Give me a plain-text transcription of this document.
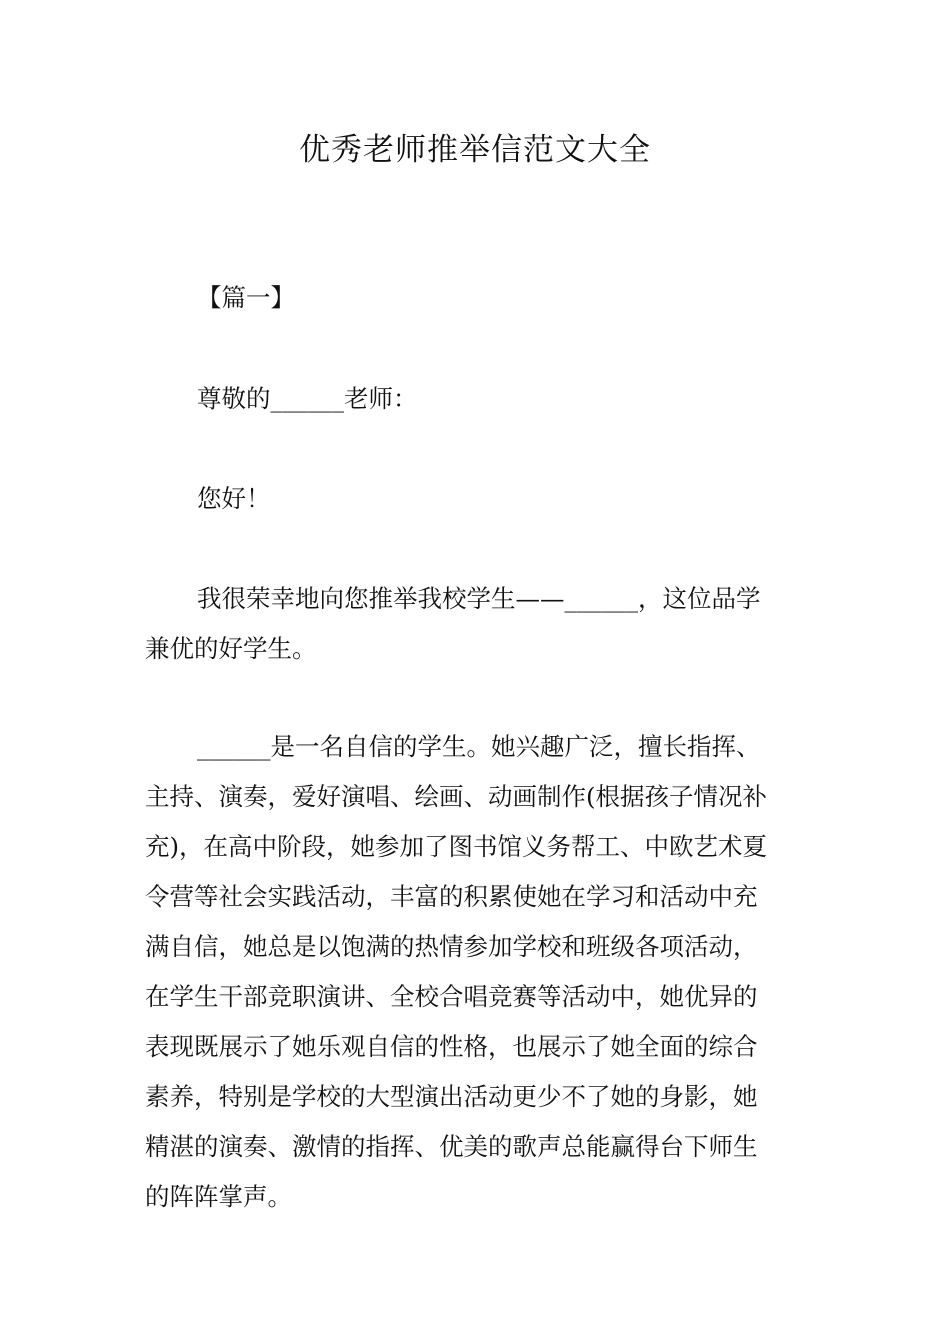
优秀老师推举信范文大全

【篇一】

尊敬的______老师：

您好！

我很荣幸地向您推举我校学生——______，这位品学
兼优的好学生。
______是一名自信的学生。她兴趣广泛，擅长指挥、
主持、演奏，爱好演唱、绘画、动画制作(根据孩子情况补
充)，在高中阶段，她参加了图书馆义务帮工、中欧艺术夏
令营等社会实践活动，丰富的积累使她在学习和活动中充
满自信，她总是以饱满的热情参加学校和班级各项活动，
在学生干部竞职演讲、全校合唱竞赛等活动中，她优异的
表现既展示了她乐观自信的性格，也展示了她全面的综合
素养，特别是学校的大型演出活动更少不了她的身影，她
精湛的演奏、激情的指挥、优美的歌声总能赢得台下师生
的阵阵掌声。
